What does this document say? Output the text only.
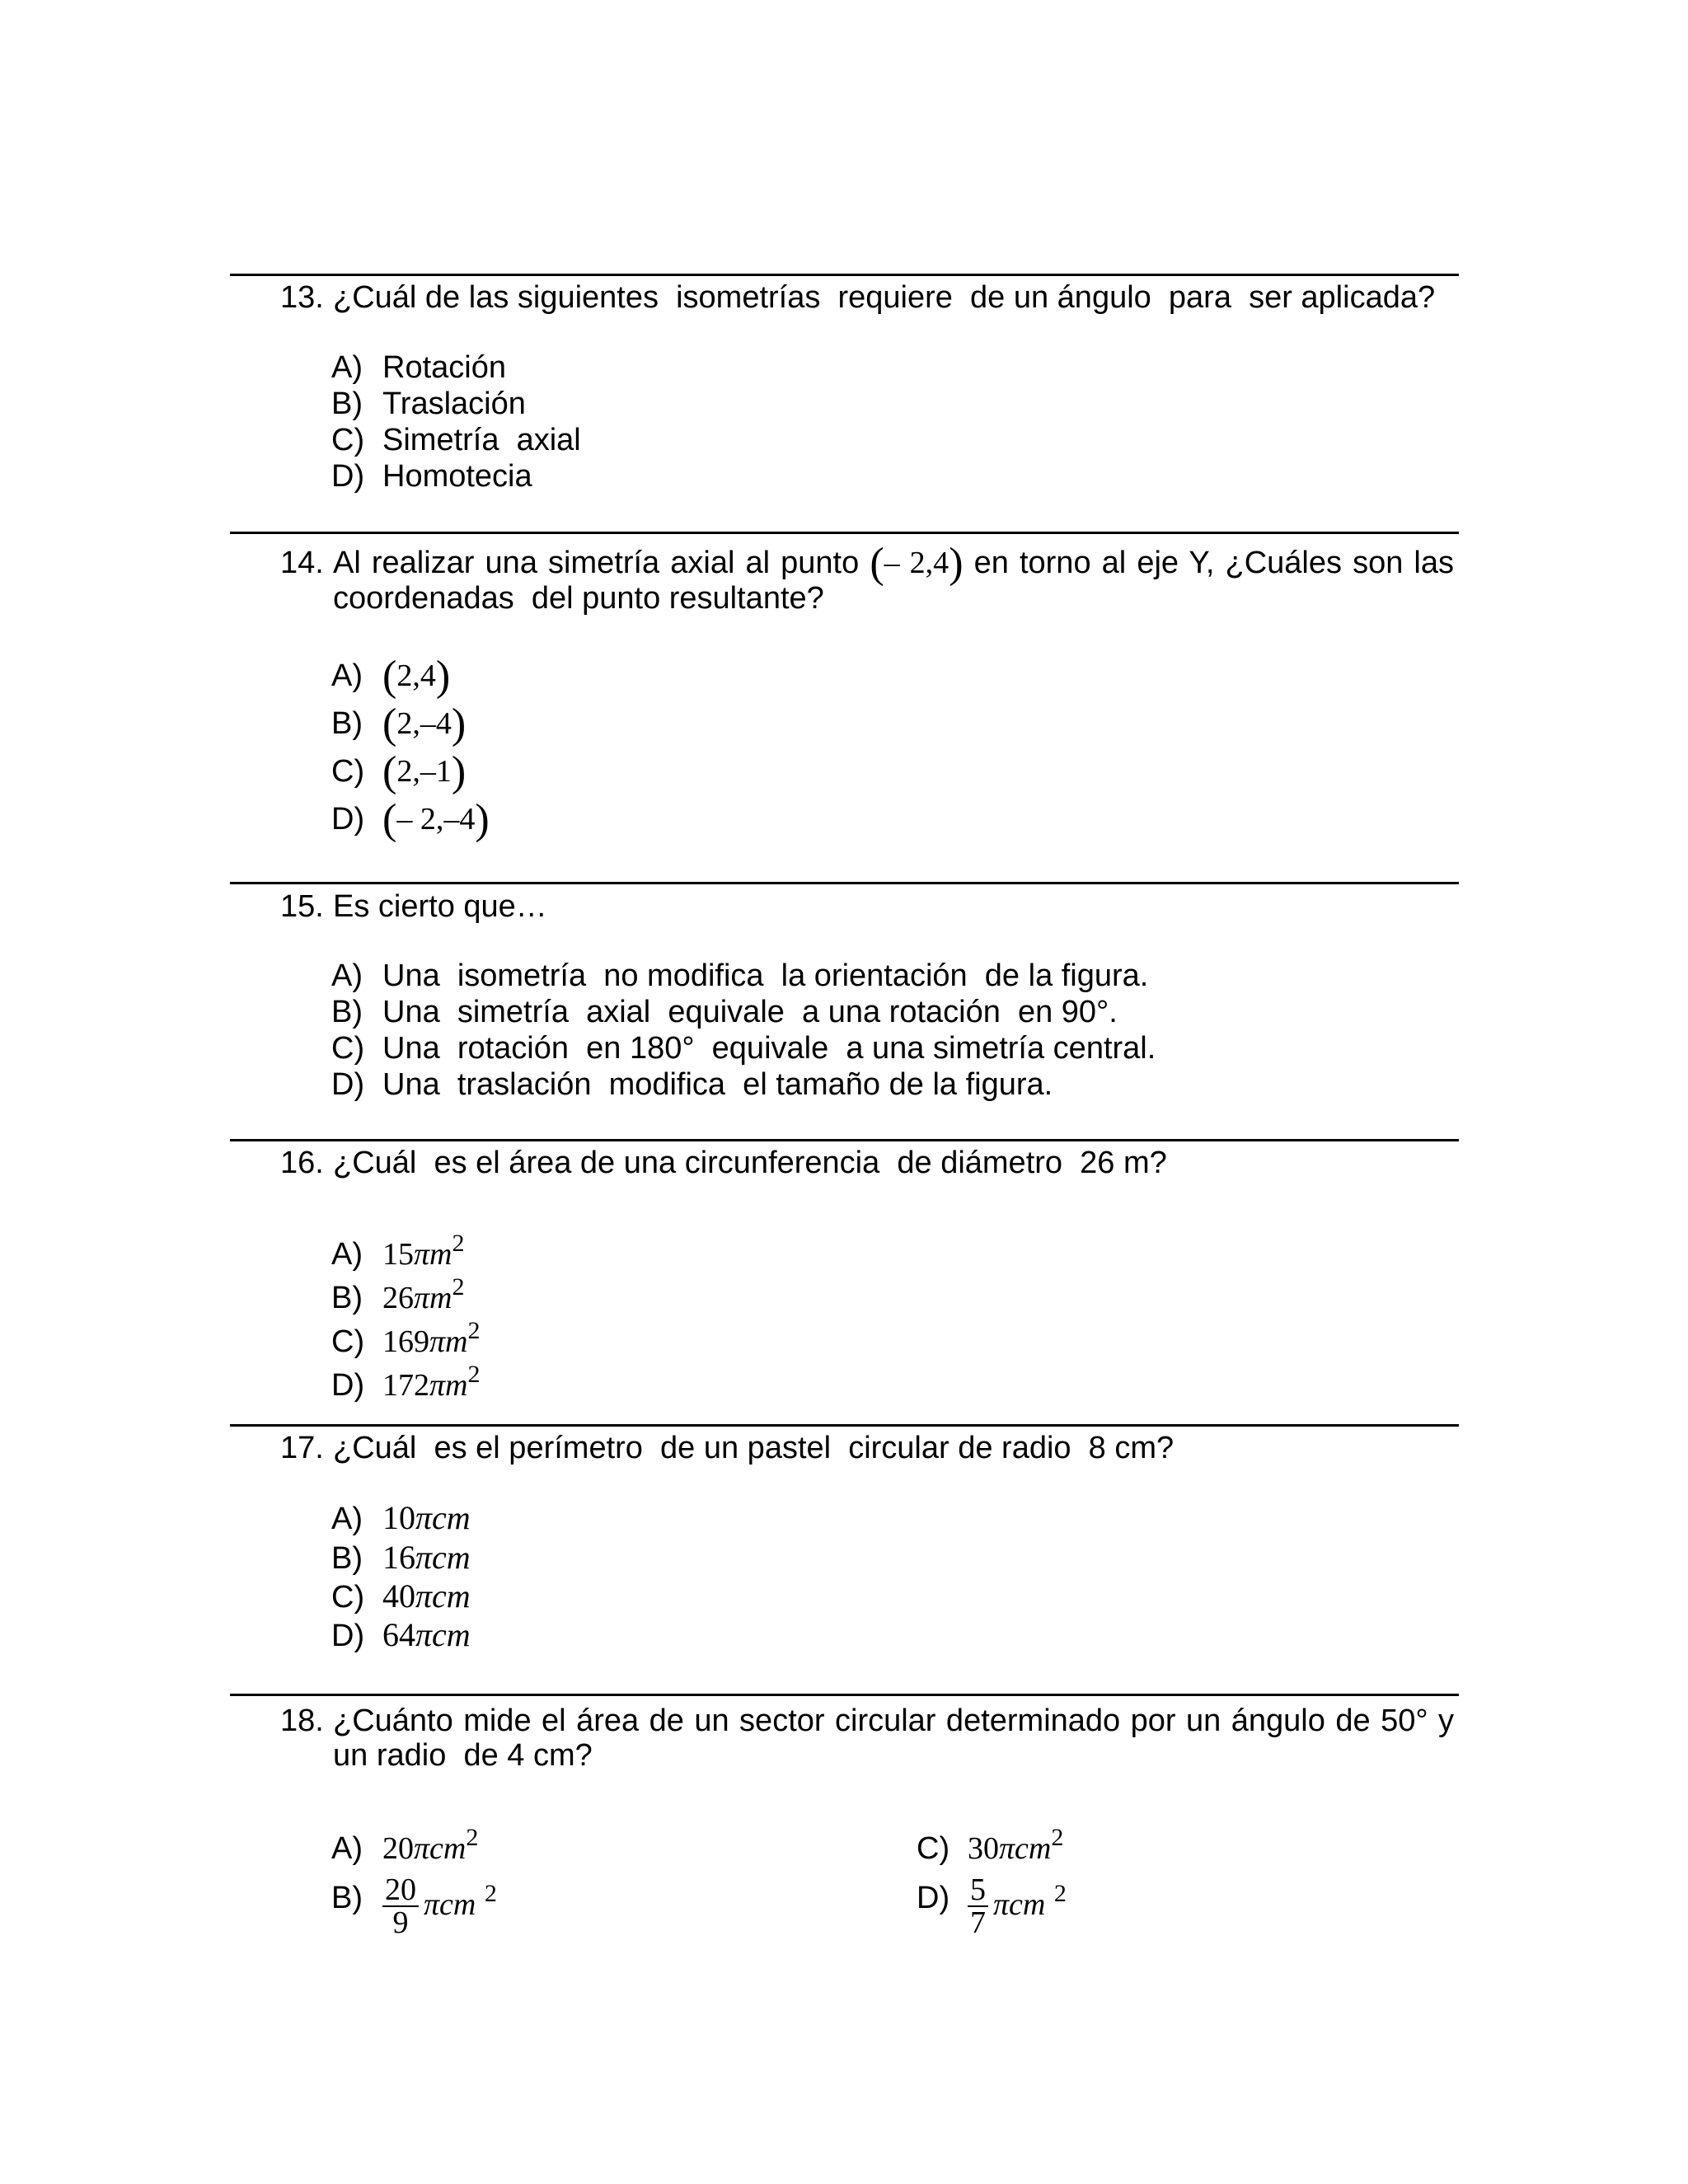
13. ¿Cuál de las siguientes  isometrías  requiere  de un ángulo  para  ser aplicada?
A) Rotación
B) Traslación
C) Simetría  axial
D) Homotecia
14. Al realizar una simetría axial al punto (– 2,4) en torno al eje Y, ¿Cuáles son las coordenadas  del punto resultante?
A) (2,4)
B) (2,–4)
C) (2,–1)
D) (– 2,–4)
15. Es cierto que…
A) Una  isometría  no modifica  la orientación  de la figura.
B) Una  simetría  axial  equivale  a una rotación  en 90°.
C) Una  rotación  en 180°  equivale  a una simetría central.
D) Una  traslación  modifica  el tamaño de la figura.
16. ¿Cuál  es el área de una circunferencia  de diámetro  26 m?
A) $15\pi m^2$
B) $26\pi m^2$
C) $169\pi m^2$
D) $172\pi m^2$
17. ¿Cuál  es el perímetro  de un pastel  circular de radio  8 cm?
A) 10πcm
B) 16πcm
C) 40πcm
D) 64πcm
18. ¿Cuánto mide el área de un sector circular determinado por un ángulo de 50° y un radio  de 4 cm?
A) 20πcm$^2$
$B) \frac{20}{9}$ πcm $^2$
C) 30πcm$^2$
$D) \frac{5}{7}$ πcm $^2$
